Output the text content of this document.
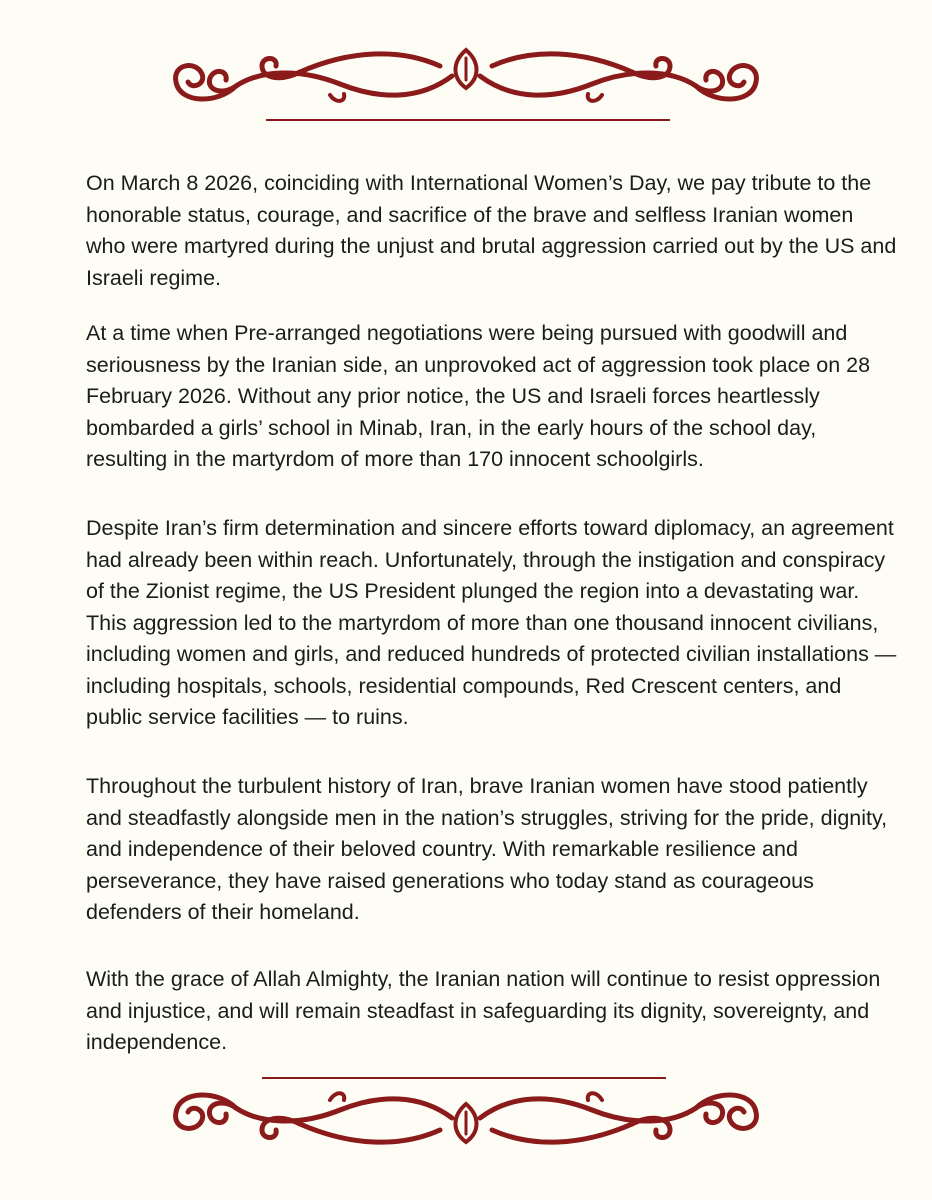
On March 8 2026, coinciding with International Women’s Day, we pay tribute to the honorable status, courage, and sacrifice of the brave and selfless Iranian women who were martyred during the unjust and brutal aggression carried out by the US and Israeli regime.

At a time when Pre-arranged negotiations were being pursued with goodwill and seriousness by the Iranian side, an unprovoked act of aggression took place on 28 February 2026. Without any prior notice, the US and Israeli forces heartlessly bombarded a girls’ school in Minab, Iran, in the early hours of the school day, resulting in the martyrdom of more than 170 innocent schoolgirls.

Despite Iran’s firm determination and sincere efforts toward diplomacy, an agreement had already been within reach. Unfortunately, through the instigation and conspiracy of the Zionist regime, the US President plunged the region into a devastating war. This aggression led to the martyrdom of more than one thousand innocent civilians, including women and girls, and reduced hundreds of protected civilian installations — including hospitals, schools, residential compounds, Red Crescent centers, and public service facilities — to ruins.

Throughout the turbulent history of Iran, brave Iranian women have stood patiently and steadfastly alongside men in the nation’s struggles, striving for the pride, dignity, and independence of their beloved country. With remarkable resilience and perseverance, they have raised generations who today stand as courageous defenders of their homeland.

With the grace of Allah Almighty, the Iranian nation will continue to resist oppression and injustice, and will remain steadfast in safeguarding its dignity, sovereignty, and independence.
